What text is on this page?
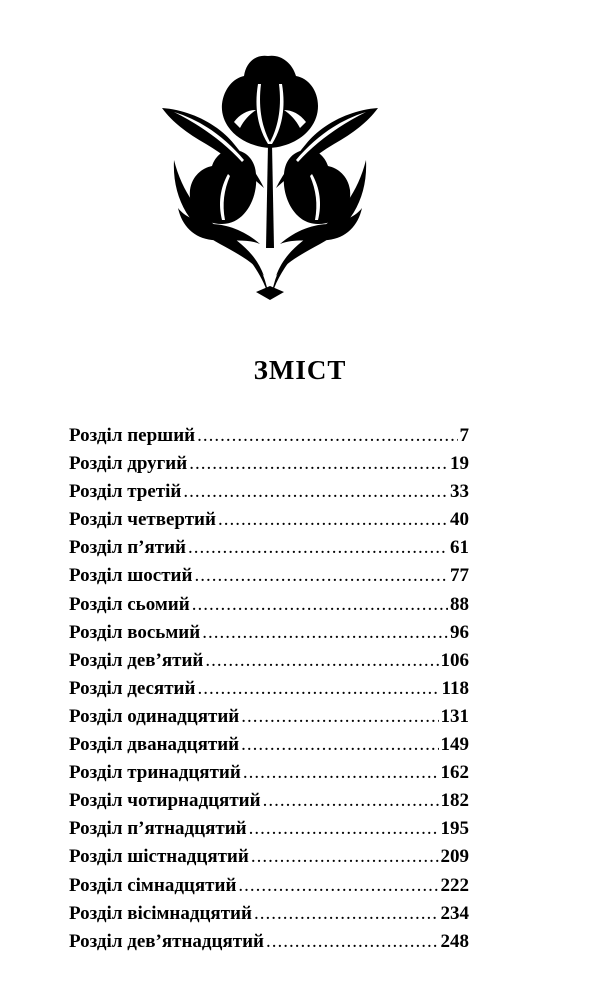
ЗМІСТ
Розділ перший .....	7
Розділ другий .....	19
Розділ третій .....	33
Розділ четвертий .....	40
Розділ п’ятий .....	61
Розділ шостий .....	77
Розділ сьомий .....	88
Розділ восьмий .....	96
Розділ дев’ятий .....	106
Розділ десятий .....	118
Розділ одинадцятий .....	131
Розділ дванадцятий .....	149
Розділ тринадцятий .....	162
Розділ чотирнадцятий .....	182
Розділ п’ятнадцятий .....	195
Розділ шістнадцятий .....	209
Розділ сімнадцятий .....	222
Розділ вісімнадцятий .....	234
Розділ дев’ятнадцятий .....	248
